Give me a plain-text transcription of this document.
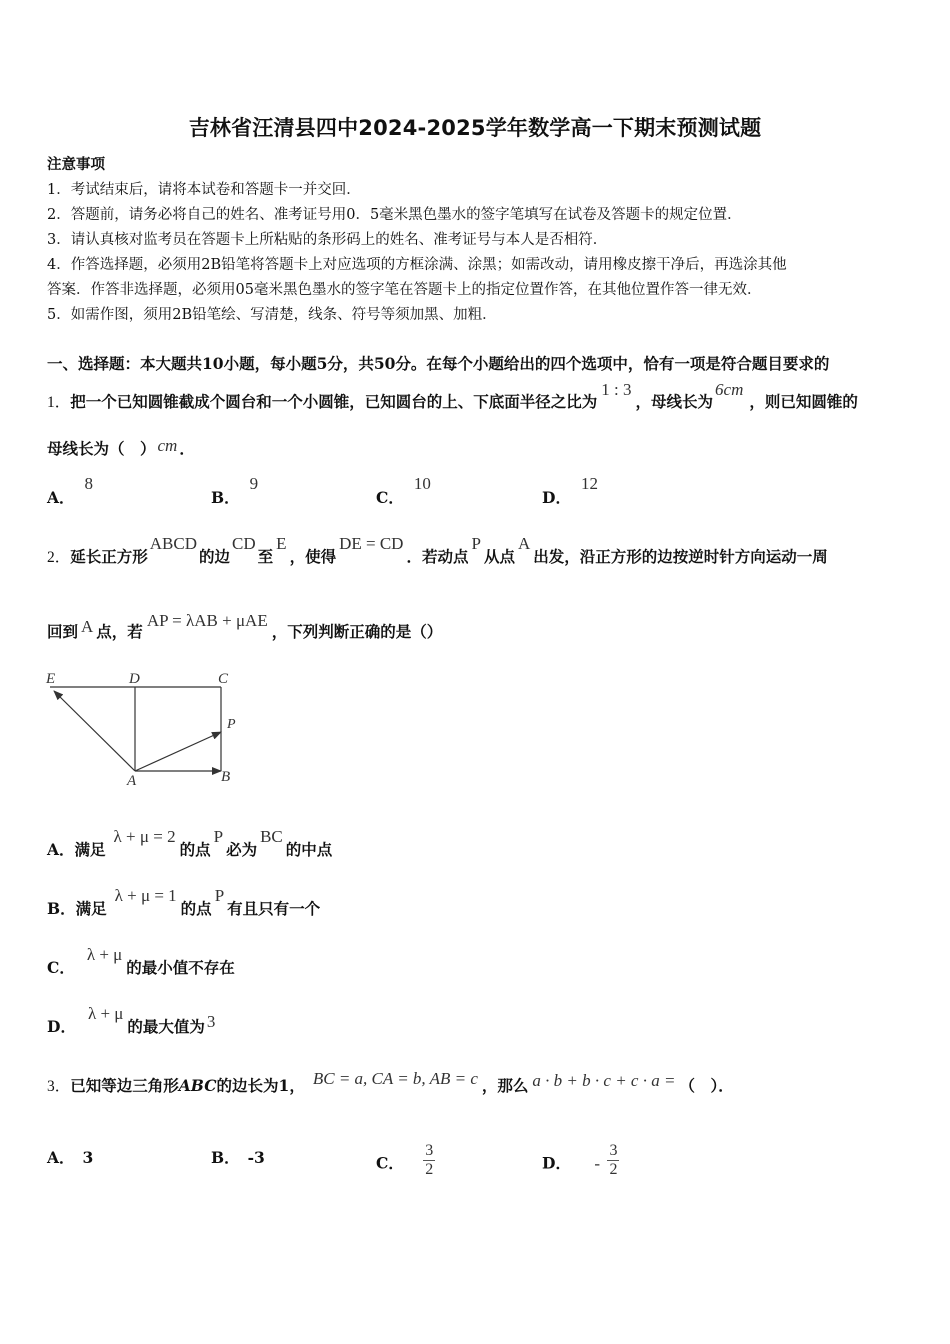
吉林省汪清县四中2024-2025学年数学高一下期末预测试题
注意事项
1．考试结束后，请将本试卷和答题卡一并交回．
2．答题前，请务必将自己的姓名、准考证号用0．5毫米黑色墨水的签字笔填写在试卷及答题卡的规定位置．
3．请认真核对监考员在答题卡上所粘贴的条形码上的姓名、准考证号与本人是否相符．
4．作答选择题，必须用2B铅笔将答题卡上对应选项的方框涂满、涂黑；如需改动，请用橡皮擦干净后，再选涂其他
答案．作答非选择题，必须用05毫米黑色墨水的签字笔在答题卡上的指定位置作答，在其他位置作答一律无效．
5．如需作图，须用2B铅笔绘、写清楚，线条、符号等须加黑、加粗．
一、选择题：本大题共10小题，每小题5分，共50分。在每个小题给出的四个选项中，恰有一项是符合题目要求的
1．把一个已知圆锥截成个圆台和一个小圆锥，已知圆台的上、下底面半径之比为1 : 3，母线长为6cm，则已知圆锥的
母线长为（　） cm ．
A．8
B．9
C．10
D．12
2．延长正方形ABCD的边CD至E，使得DE = CD．若动点P从点A出发，沿正方形的边按逆时针方向运动一周
回到 A 点，若AP = λAB + μAE，下列判断正确的是（）
E	D	C
P
A	B
A．满足λ + μ = 2的点P必为BC的中点
B．满足λ + μ = 1的点P有且只有一个
C．λ + μ的最小值不存在
D．λ + μ的最大值为 3
3．已知等边三角形ABC的边长为1， BC = a, CA = b, AB = c ，那么 a · b + b · c + c · a = （　）．
A． 3	B． -3	C． $\frac{3}{2}$	D． - $\frac{3}{2}$
